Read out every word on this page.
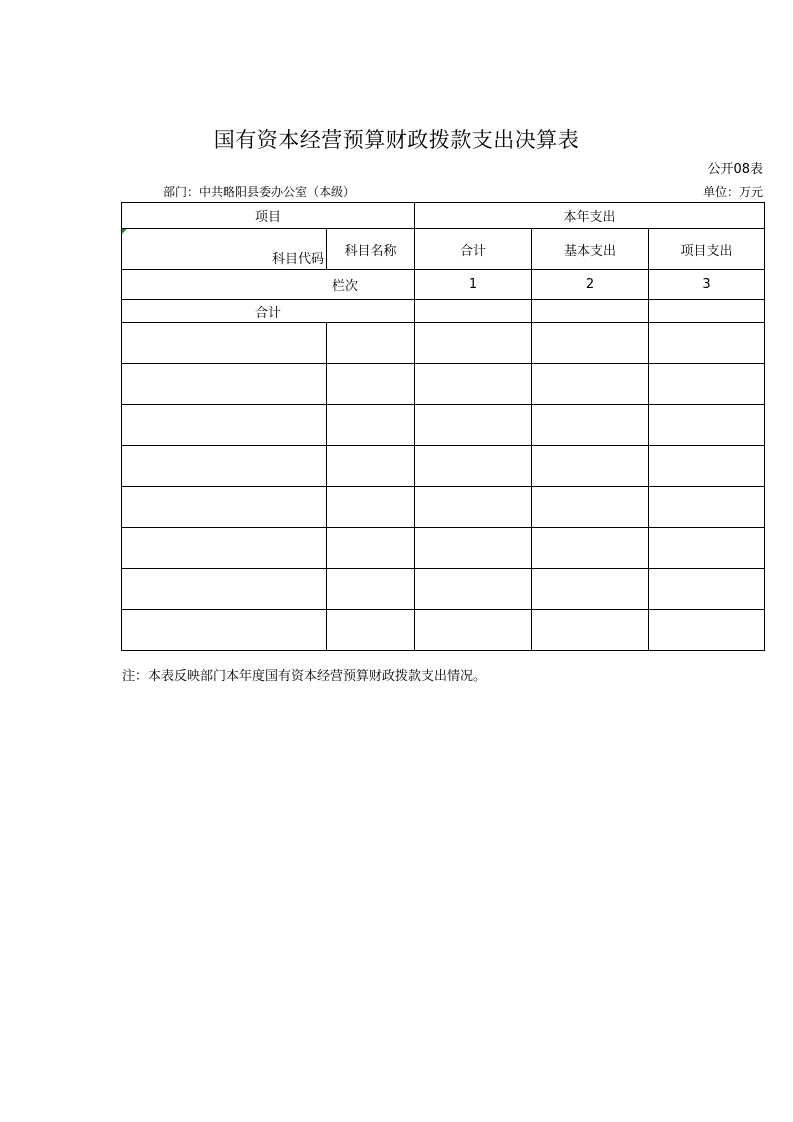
国有资本经营预算财政拨款支出决算表
公开08表
部门：中共略阳县委办公室（本级）	单位：万元
项目		本年支出		

科目代码	科目名称	合计	基本支出	项目支出
栏次		1	2	3
合计				

注：本表反映部门本年度国有资本经营预算财政拨款支出情况。
